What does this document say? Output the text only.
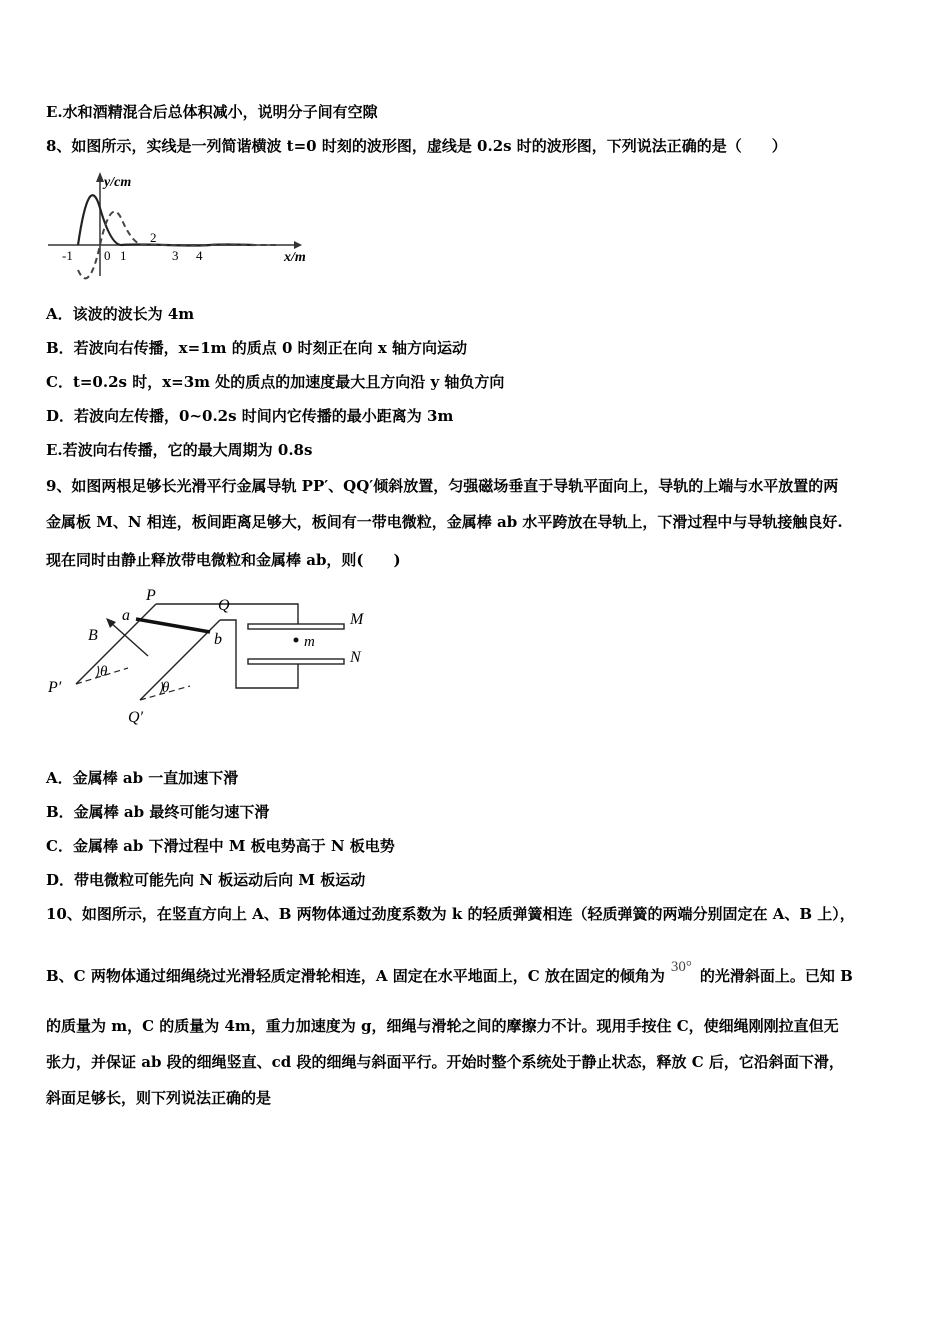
E.水和酒精混合后总体积减小，说明分子间有空隙
8、如图所示，实线是一列简谐横波 t=0 时刻的波形图，虚线是 0.2s 时的波形图，下列说法正确的是（　　）
y/cm
x/m
-1 0 1
2
3 4
A．该波的波长为 4m
B．若波向右传播，x=1m 的质点 0 时刻正在向 x 轴方向运动
C．t=0.2s 时，x=3m 处的质点的加速度最大且方向沿 y 轴负方向
D．若波向左传播，0~0.2s 时间内它传播的最小距离为 3m
E.若波向右传播，它的最大周期为 0.8s
9、如图两根足够长光滑平行金属导轨 PP′、QQ′倾斜放置，匀强磁场垂直于导轨平面向上，导轨的上端与水平放置的两
金属板 M、N 相连，板间距离足够大，板间有一带电微粒，金属棒 ab 水平跨放在导轨上，下滑过程中与导轨接触良好.
现在同时由静止释放带电微粒和金属棒 ab，则(　　)
P
Q
a
b
B
M
N
m
P′
Q′
θ
θ
A．金属棒 ab 一直加速下滑
B．金属棒 ab 最终可能匀速下滑
C．金属棒 ab 下滑过程中 M 板电势高于 N 板电势
D．带电微粒可能先向 N 板运动后向 M 板运动
10、如图所示，在竖直方向上 A、B 两物体通过劲度系数为 k 的轻质弹簧相连（轻质弹簧的两端分别固定在 A、B 上），
B、C 两物体通过细绳绕过光滑轻质定滑轮相连，A 固定在水平地面上，C 放在固定的倾角为 30° 的光滑斜面上。已知 B
的质量为 m，C 的质量为 4m，重力加速度为 g，细绳与滑轮之间的摩擦力不计。现用手按住 C，使细绳刚刚拉直但无
张力，并保证 ab 段的细绳竖直、cd 段的细绳与斜面平行。开始时整个系统处于静止状态，释放 C 后，它沿斜面下滑，
斜面足够长，则下列说法正确的是
